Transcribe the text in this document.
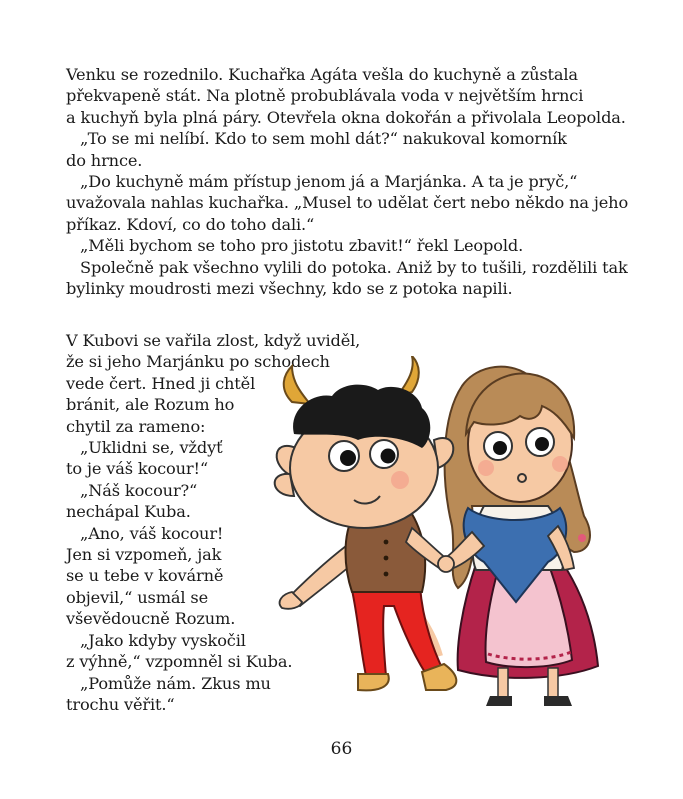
Venku se rozednilo. Kuchařka Agáta vešla do kuchyně a zůstala
překvapeně stát. Na plotně probublávala voda v největším hrnci
a kuchyň byla plná páry. Otevřela okna dokořán a přivolala Leopolda.
„To se mi nelíbí. Kdo to sem mohl dát?“ nakukoval komorník
do hrnce.
„Do kuchyně mám přístup jenom já a Marjánka. A ta je pryč,“
uvažovala nahlas kuchařka. „Musel to udělat čert nebo někdo na jeho
příkaz. Kdoví, co do toho dali.“
„Měli bychom se toho pro jistotu zbavit!“ řekl Leopold.
Společně pak všechno vylili do potoka. Aniž by to tušili, rozdělili tak
bylinky moudrosti mezi všechny, kdo se z potoka napili.
V Kubovi se vařila zlost, když uviděl,
že si jeho Marjánku po schodech
vede čert. Hned ji chtěl
bránit, ale Rozum ho
chytil za rameno:
„Uklidni se, vždyť
to je váš kocour!“
„Náš kocour?“
nechápal Kuba.
„Ano, váš kocour!
Jen si vzpomeň, jak
se u tebe v kovárně
objevil,“ usmál se
vševědoucně Rozum.
„Jako kdyby vyskočil
z výhně,“ vzpomněl si Kuba.
„Pomůže nám. Zkus mu
trochu věřit.“
66
